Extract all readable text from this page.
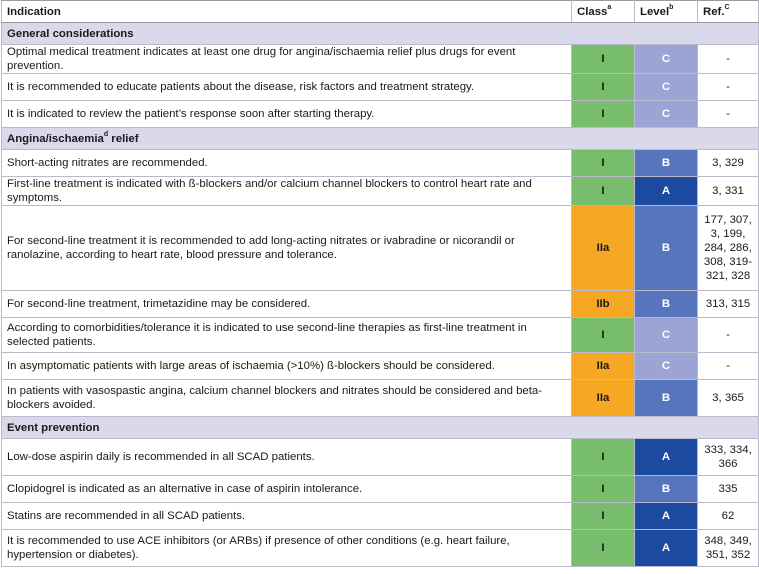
Indication	Class$^a$	Level$^b$	Ref.$^C$
General considerations			
Optimal medical treatment indicates at least one drug for angina/ischaemia relief plus drugs for event prevention.	I	C	-
It is recommended to educate patients about the disease, risk factors and treatment strategy.	I	C	-
It is indicated to review the patient’s response soon after starting therapy.	I	C	-
Angina/ischaemia$^d$ relief			
Short-acting nitrates are recommended.	I	B	3, 329
First-line treatment is indicated with ß-blockers and/or calcium channel blockers to control heart rate and symptoms.	I	A	3, 331
For second-line treatment it is recommended to add long-acting nitrates or ivabradine or nicorandil or ranolazine, according to heart rate, blood pressure and tolerance.	IIa	B	177, 307, 3, 199, 284, 286, 308, 319-321, 328
For second-line treatment, trimetazidine may be considered.	IIb	B	313, 315
According to comorbidities/tolerance it is indicated to use second-line therapies as first-line treatment in selected patients.	I	C	-
In asymptomatic patients with large areas of ischaemia (>10%) ß-blockers should be considered.	IIa	C	-
In patients with vasospastic angina, calcium channel blockers and nitrates should be considered and beta-blockers avoided.	IIa	B	3, 365
Event prevention			
Low-dose aspirin daily is recommended in all SCAD patients.	I	A	333, 334, 366
Clopidogrel is indicated as an alternative in case of aspirin intolerance.	I	B	335
Statins are recommended in all SCAD patients.	I	A	62
It is recommended to use ACE inhibitors (or ARBs) if presence of other conditions (e.g. heart failure, hypertension or diabetes).	I	A	348, 349, 351, 352
